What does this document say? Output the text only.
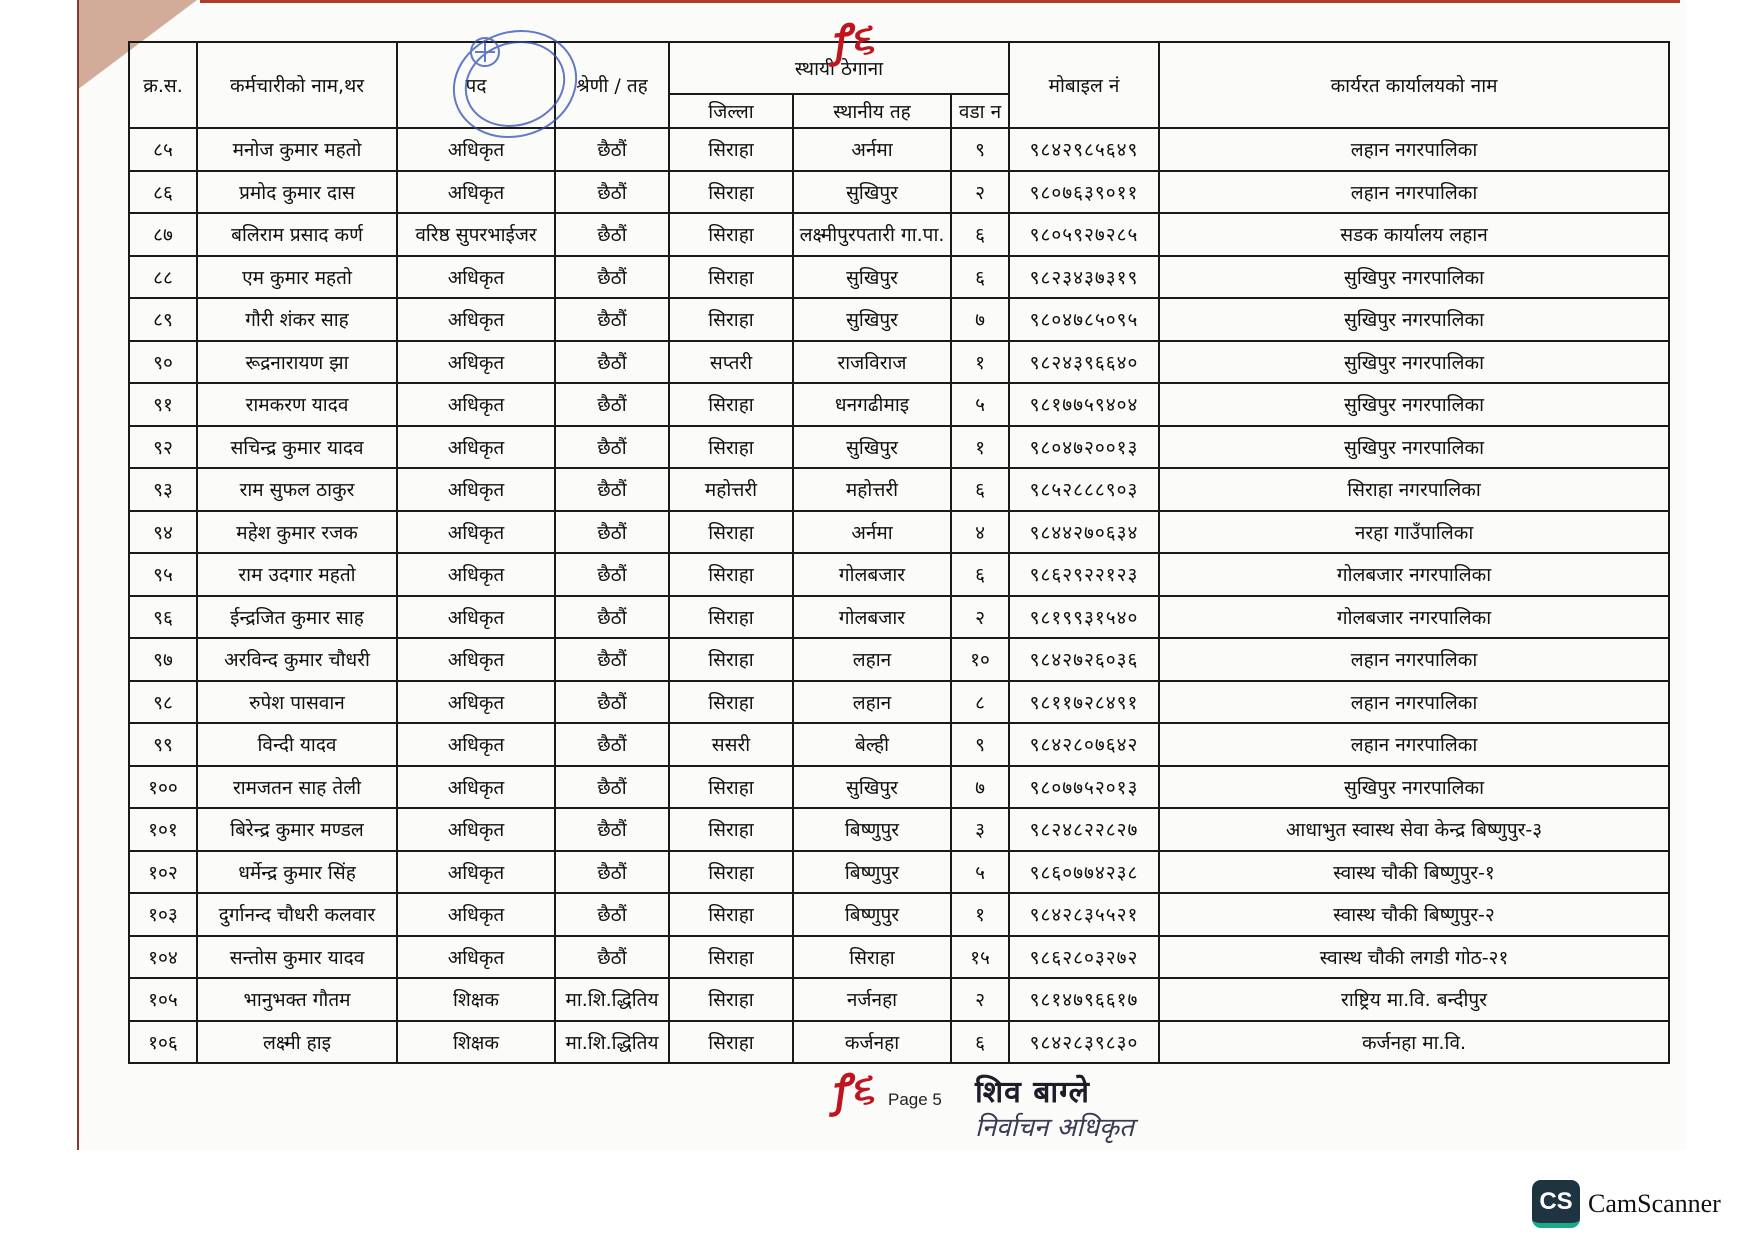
क्र.स.	कर्मचारीको नाम,थर	पद	श्रेणी / तह	स्थायी ठेगाना			मोबाइल नं	कार्यरत कार्यालयको नाम
				जिल्ला	स्थानीय तह	वडा न		
८५	मनोज कुमार महतो	अधिकृत	छैठौं	सिराहा	अर्नमा	९	९८४२९८५६४९	लहान नगरपालिका
८६	प्रमोद कुमार दास	अधिकृत	छैठौं	सिराहा	सुखिपुर	२	९८०७६३९०११	लहान नगरपालिका
८७	बलिराम प्रसाद कर्ण	वरिष्ठ सुपरभाईजर	छैठौं	सिराहा	लक्ष्मीपुरपतारी गा.पा.	६	९८०५९२७२८५	सडक कार्यालय लहान
८८	एम कुमार महतो	अधिकृत	छैठौं	सिराहा	सुखिपुर	६	९८२३४३७३१९	सुखिपुर नगरपालिका
८९	गौरी शंकर साह	अधिकृत	छैठौं	सिराहा	सुखिपुर	७	९८०४७८५०९५	सुखिपुर नगरपालिका
९०	रूद्रनारायण झा	अधिकृत	छैठौं	सप्तरी	राजविराज	१	९८२४३९६६४०	सुखिपुर नगरपालिका
९१	रामकरण यादव	अधिकृत	छैठौं	सिराहा	धनगढीमाइ	५	९८१७७५९४०४	सुखिपुर नगरपालिका
९२	सचिन्द्र कुमार यादव	अधिकृत	छैठौं	सिराहा	सुखिपुर	१	९८०४७२००१३	सुखिपुर नगरपालिका
९३	राम सुफल ठाकुर	अधिकृत	छैठौं	महोत्तरी	महोत्तरी	६	९८५२८८८९०३	सिराहा नगरपालिका
९४	महेश कुमार रजक	अधिकृत	छैठौं	सिराहा	अर्नमा	४	९८४४२७०६३४	नरहा गाउँपालिका
९५	राम उदगार महतो	अधिकृत	छैठौं	सिराहा	गोलबजार	६	९८६२९२२१२३	गोलबजार नगरपालिका
९६	ईन्द्रजित कुमार साह	अधिकृत	छैठौं	सिराहा	गोलबजार	२	९८१९९३१५४०	गोलबजार नगरपालिका
९७	अरविन्द कुमार चौधरी	अधिकृत	छैठौं	सिराहा	लहान	१०	९८४२७२६०३६	लहान नगरपालिका
९८	रुपेश पासवान	अधिकृत	छैठौं	सिराहा	लहान	८	९८११७२८४९१	लहान नगरपालिका
९९	विन्दी यादव	अधिकृत	छैठौं	ससरी	बेल्ही	९	९८४२८०७६४२	लहान नगरपालिका
१००	रामजतन साह तेली	अधिकृत	छैठौं	सिराहा	सुखिपुर	७	९८०७७५२०१३	सुखिपुर नगरपालिका
१०१	बिरेन्द्र कुमार मण्डल	अधिकृत	छैठौं	सिराहा	बिष्णुपुर	३	९८२४८२२८२७	आधाभुत स्वास्थ सेवा केन्द्र बिष्णुपुर-३
१०२	धर्मेन्द्र कुमार सिंह	अधिकृत	छैठौं	सिराहा	बिष्णुपुर	५	९८६०७७४२३८	स्वास्थ चौकी बिष्णुपुर-१
१०३	दुर्गानन्द चौधरी कलवार	अधिकृत	छैठौं	सिराहा	बिष्णुपुर	१	९८४२८३५५२१	स्वास्थ चौकी बिष्णुपुर-२
१०४	सन्तोस कुमार यादव	अधिकृत	छैठौं	सिराहा	सिराहा	१५	९८६२८०३२७२	स्वास्थ चौकी लगडी गोठ-२१
१०५	भानुभक्त गौतम	शिक्षक	मा.शि.द्धितिय	सिराहा	नर्जनहा	२	९८१४७९६६१७	राष्ट्रिय मा.वि. बन्दीपुर
१०६	लक्ष्मी हाइ	शिक्षक	मा.शि.द्धितिय	सिराहा	कर्जनहा	६	९८४२८३९८३०	कर्जनहा मा.वि.
ꝭ૬
ꝭ૬ Page 5 शिव बाग्ले
निर्वाचन अधिकृत
CS CamScanner
